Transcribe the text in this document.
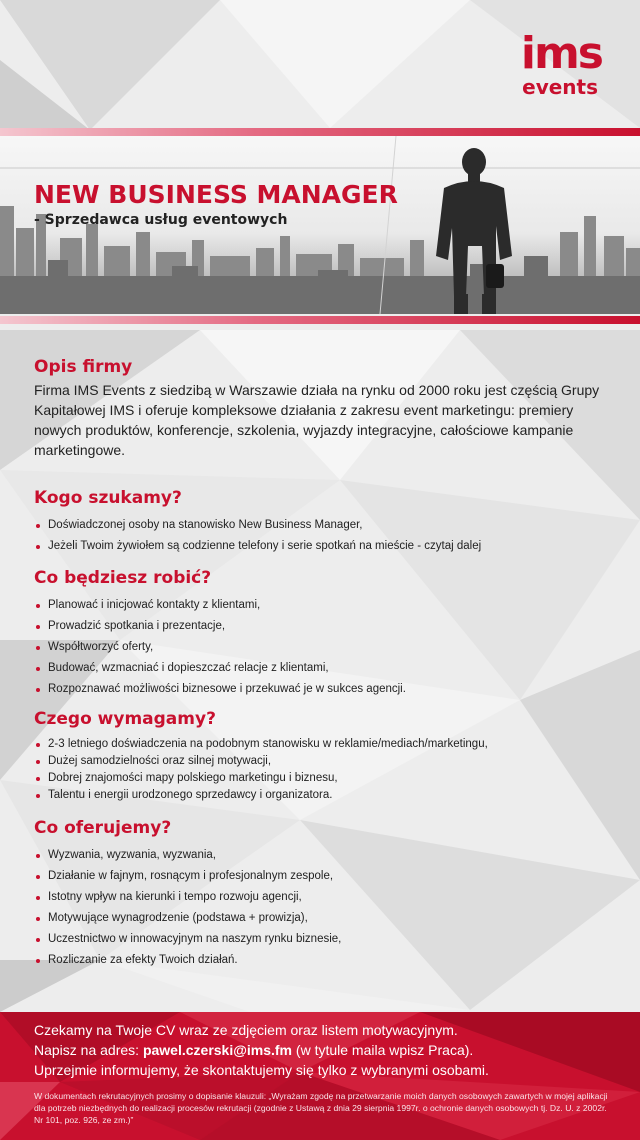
ims
events
NEW BUSINESS MANAGER

- Sprzedawca usług eventowych

Opis firmy

Firma IMS Events z siedzibą w Warszawie działa na rynku od 2000 roku jest częścią Grupy Kapitałowej IMS i oferuje kompleksowe działania z zakresu event marketingu: premiery nowych produktów, konferencje, szkolenia, wyjazdy integracyjne, całościowe kampanie marketingowe.

Kogo szukamy?
Doświadczonej osoby na stanowisko New Business Manager,
Jeżeli Twoim żywiołem są codzienne telefony i serie spotkań na mieście - czytaj dalej
Co będziesz robić?
Planować i inicjować kontakty z klientami,
Prowadzić spotkania i prezentacje,
Współtworzyć oferty,
Budować, wzmacniać i dopieszczać relacje z klientami,
Rozpoznawać możliwości biznesowe i przekuwać je w sukces agencji.
Czego wymagamy?
2-3 letniego doświadczenia na podobnym stanowisku w reklamie/mediach/marketingu,
Dużej samodzielności oraz silnej motywacji,
Dobrej znajomości mapy polskiego marketingu i biznesu,
Talentu i energii urodzonego sprzedawcy i organizatora.
Co oferujemy?
Wyzwania, wyzwania, wyzwania,
Działanie w fajnym, rosnącym i profesjonalnym zespole,
Istotny wpływ na kierunki i tempo rozwoju agencji,
Motywujące wynagrodzenie (podstawa + prowizja),
Uczestnictwo w innowacyjnym na naszym rynku biznesie,
Rozliczanie za efekty Twoich działań.

Czekamy na Twoje CV wraz ze zdjęciem oraz listem motywacyjnym.

Napisz na adres: pawel.czerski@ims.fm (w tytule maila wpisz Praca).

Uprzejmie informujemy, że skontaktujemy się tylko z wybranymi osobami.

W dokumentach rekrutacyjnych prosimy o dopisanie klauzuli: „Wyrażam zgodę na przetwarzanie moich danych osobowych zawartych w mojej aplikacji dla potrzeb niezbędnych do realizacji procesów rekrutacji (zgodnie z Ustawą z dnia 29 sierpnia 1997r. o ochronie danych osobowych tj. Dz. U. z 2002r. Nr 101, poz. 926, ze zm.)”
